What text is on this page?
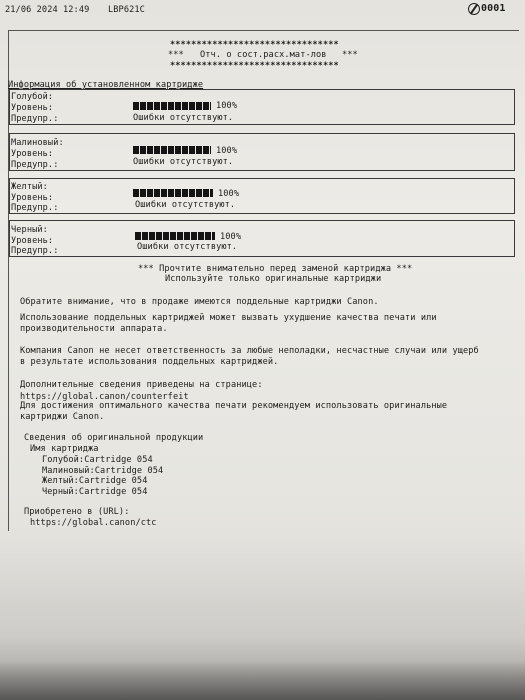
21/06 2024 12:49 LBP621C	0001
********************************
*** Отч. о сост.расх.мат-лов ***
********************************
Информация об установленном картридже
Голубой:
Уровень:	100%
Предупр.:	Ошибки отсутствуют.
Малиновый:
Уровень:	100%
Предупр.:	Ошибки отсутствуют.
Желтый:
Уровень:	100%
Предупр.:	Ошибки отсутствуют.
Черный:
Уровень:	100%
Предупр.:	Ошибки отсутствуют.
*** Прочтите внимательно перед заменой картриджа ***
Используйте только оригинальные картриджи
Обратите внимание, что в продаже имеются поддельные картриджи Canon.
Использование поддельных картриджей может вызвать ухудшение качества печати или
производительности аппарата.
Компания Canon не несет ответственность за любые неполадки, несчастные случаи или ущерб
в результате использования поддельных картриджей.
Дополнительные сведения приведены на странице:
https://global.canon/counterfeit
Для достижения оптимального качества печати рекомендуем использовать оригинальные
картриджи Canon.
Сведения об оригинальной продукции
Имя картриджа
Голубой:Cartridge 054
Малиновый:Cartridge 054
Желтый:Cartridge 054
Черный:Cartridge 054
Приобретено в (URL):
https://global.canon/ctc
